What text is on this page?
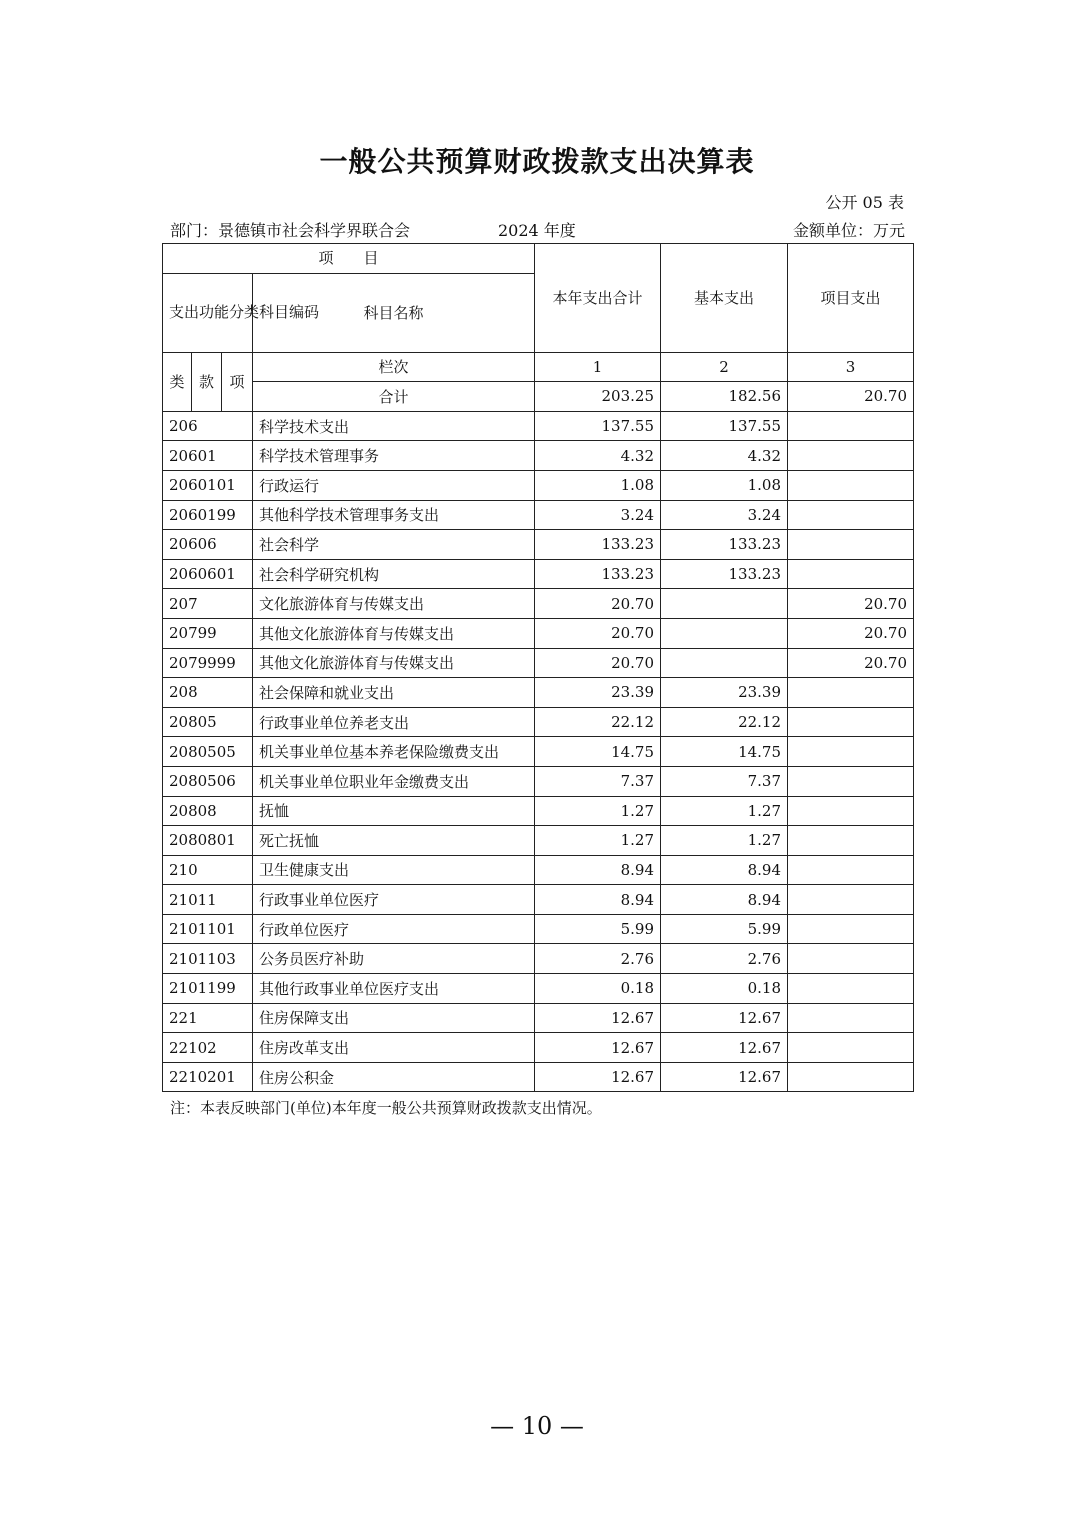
一般公共预算财政拨款支出决算表
公开 05 表
部门：景德镇市社会科学界联合会	2024 年度	金额单位：万元
项　　目				本年支出合计	基本支出	项目支出
支出功能分类科目编码			科目名称			
类	款	项	栏次	1	2	3
			合计	203.25	182.56	20.70
206			科学技术支出	137.55	137.55	
20601			科学技术管理事务	4.32	4.32	
2060101			行政运行	1.08	1.08	
2060199			其他科学技术管理事务支出	3.24	3.24	
20606			社会科学	133.23	133.23	
2060601			社会科学研究机构	133.23	133.23	
207			文化旅游体育与传媒支出	20.70		20.70
20799			其他文化旅游体育与传媒支出	20.70		20.70
2079999			其他文化旅游体育与传媒支出	20.70		20.70
208			社会保障和就业支出	23.39	23.39	
20805			行政事业单位养老支出	22.12	22.12	
2080505			机关事业单位基本养老保险缴费支出	14.75	14.75	
2080506			机关事业单位职业年金缴费支出	7.37	7.37	
20808			抚恤	1.27	1.27	
2080801			死亡抚恤	1.27	1.27	
210			卫生健康支出	8.94	8.94	
21011			行政事业单位医疗	8.94	8.94	
2101101			行政单位医疗	5.99	5.99	
2101103			公务员医疗补助	2.76	2.76	
2101199			其他行政事业单位医疗支出	0.18	0.18	
221			住房保障支出	12.67	12.67	
22102			住房改革支出	12.67	12.67	
2210201			住房公积金	12.67	12.67	
注：本表反映部门(单位)本年度一般公共预算财政拨款支出情况。
— 10 —
